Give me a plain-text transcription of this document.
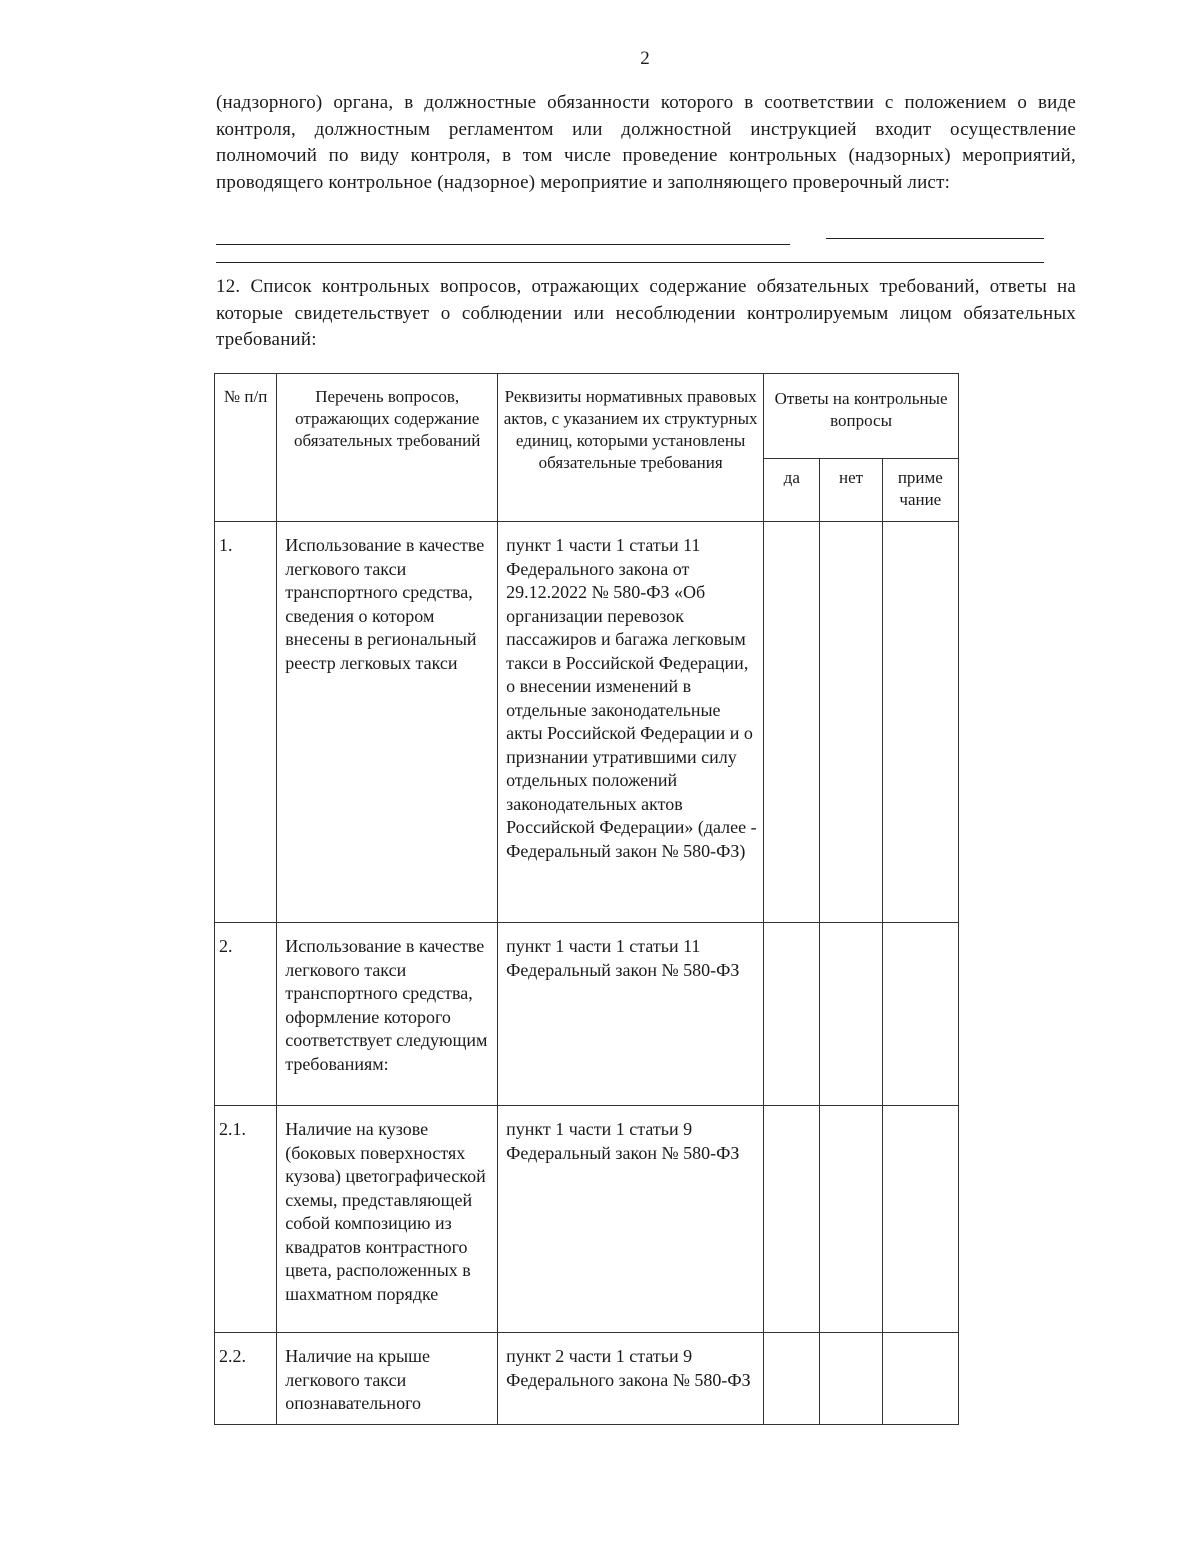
2
(надзорного) органа, в должностные обязанности которого в соответствии с положением о виде контроля, должностным регламентом или должностной инструкцией входит осуществление полномочий по виду контроля, в том числе проведение контрольных (надзорных) мероприятий, проводящего контрольное (надзорное) мероприятие и заполняющего проверочный лист:
12. Список контрольных вопросов, отражающих содержание обязательных требований, ответы на которые свидетельствует о соблюдении или несоблюдении контролируемым лицом обязательных требований:
№ п/п	Перечень вопросов, отражающих содержание обязательных требований	Реквизиты нормативных правовых актов, с указанием их структурных единиц, которыми установлены обязательные требования	Ответы на контрольные вопросы		
			да	нет	приме чание
1.	Использование в качестве легкового такси транспортного средства, сведения о котором внесены в региональный реестр легковых такси	пункт 1 части 1 статьи 11 Федерального закона от 29.12.2022 № 580-ФЗ «Об организации перевозок пассажиров и багажа легковым такси в Российской Федерации, о внесении изменений в отдельные законодательные акты Российской Федерации и о признании утратившими силу отдельных положений законодательных актов Российской Федерации» (далее - Федеральный закон № 580-ФЗ)			
2.	Использование в качестве легкового такси транспортного средства, оформление которого соответствует следующим требованиям:	пункт 1 части 1 статьи 11 Федеральный закон № 580-ФЗ			
2.1.	Наличие на кузове (боковых поверхностях кузова) цветографической схемы, представляющей собой композицию из квадратов контрастного цвета, расположенных в шахматном порядке	пункт 1 части 1 статьи 9 Федеральный закон № 580-ФЗ			
2.2.	Наличие на крыше легкового такси опознавательного	пункт 2 части 1 статьи 9 Федерального закона № 580-ФЗ			
